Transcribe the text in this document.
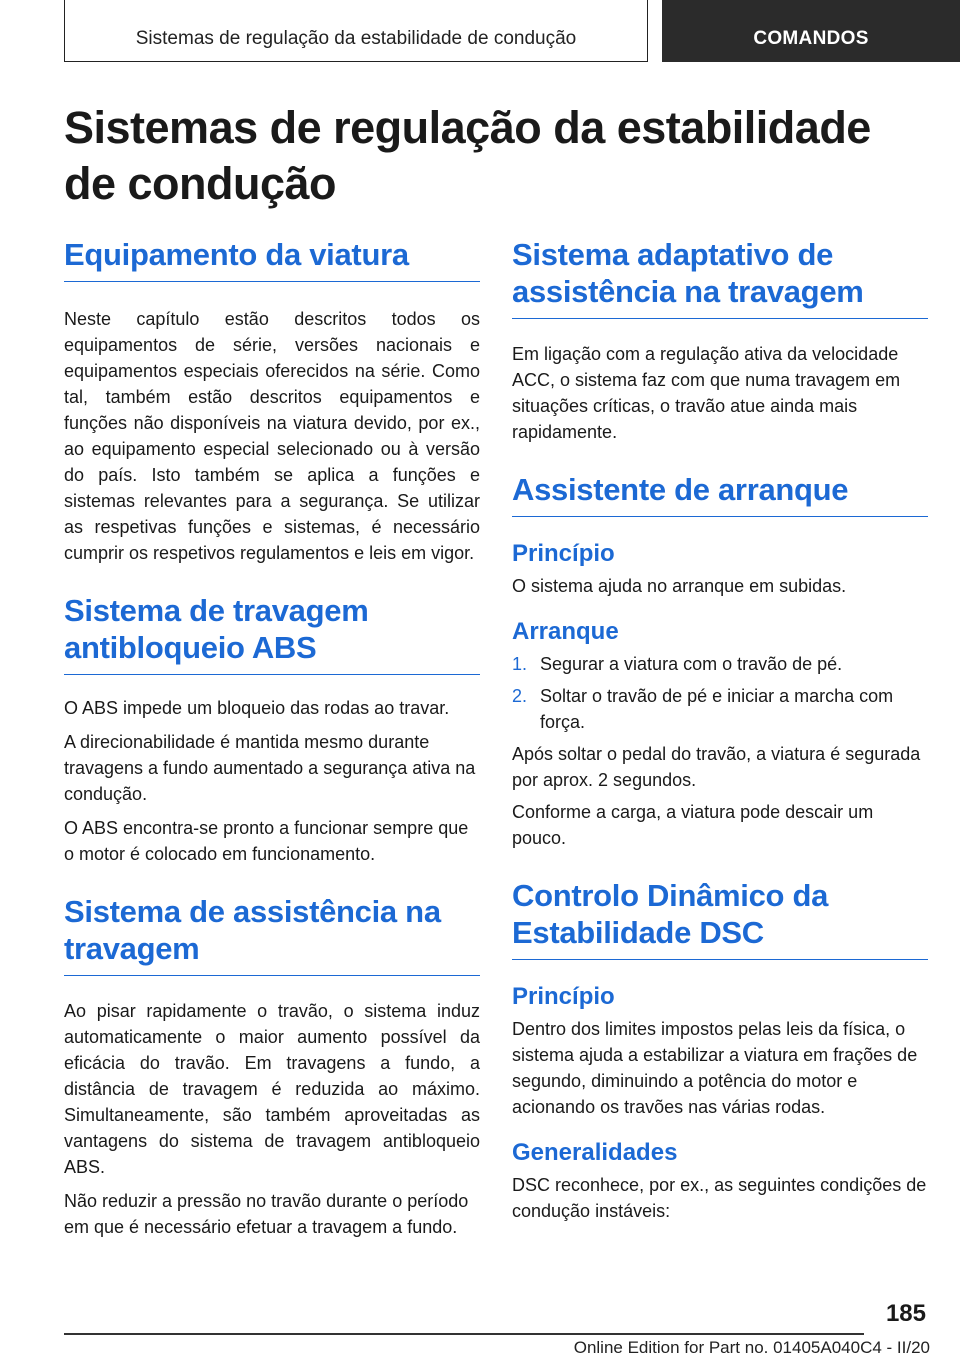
Sistemas de regulação da estabilidade de condução	COMANDOS
Sistemas de regulação da estabilidade de condução
Equipamento da viatura

Neste capítulo estão descritos todos os equipamentos de série, versões nacionais e equipamentos especiais oferecidos na série. Como tal, também estão descritos equipamentos e funções não disponíveis na viatura devido, por ex., ao equipamento especial selecionado ou à versão do país. Isto também se aplica a funções e sistemas relevantes para a segurança. Se utilizar as respetivas funções e sistemas, é necessário cumprir os respetivos regulamentos e leis em vigor.

Sistema de travagem antibloqueio ABS

O ABS impede um bloqueio das rodas ao travar.

A direcionabilidade é mantida mesmo durante travagens a fundo aumentado a segurança ativa na condução.

O ABS encontra-se pronto a funcionar sempre que o motor é colocado em funcionamento.

Sistema de assistência na travagem

Ao pisar rapidamente o travão, o sistema induz automaticamente o maior aumento possível da eficácia do travão. Em travagens a fundo, a distância de travagem é reduzida ao máximo. Simultaneamente, são também aproveitadas as vantagens do sistema de travagem antibloqueio ABS.

Não reduzir a pressão no travão durante o período em que é necessário efetuar a travagem a fundo.

Sistema adaptativo de assistência na travagem

Em ligação com a regulação ativa da velocidade ACC, o sistema faz com que numa travagem em situações críticas, o travão atue ainda mais rapidamente.

Assistente de arranque
Princípio

O sistema ajuda no arranque em subidas.

Arranque
1. Segurar a viatura com o travão de pé.
2. Soltar o travão de pé e iniciar a marcha com força.

Após soltar o pedal do travão, a viatura é segurada por aprox. 2 segundos.

Conforme a carga, a viatura pode descair um pouco.

Controlo Dinâmico da Estabilidade DSC
Princípio

Dentro dos limites impostos pelas leis da física, o sistema ajuda a estabilizar a viatura em frações de segundo, diminuindo a potência do motor e acionando os travões nas várias rodas.

Generalidades

DSC reconhece, por ex., as seguintes condições de condução instáveis:

185
Online Edition for Part no. 01405A040C4 - II/20
